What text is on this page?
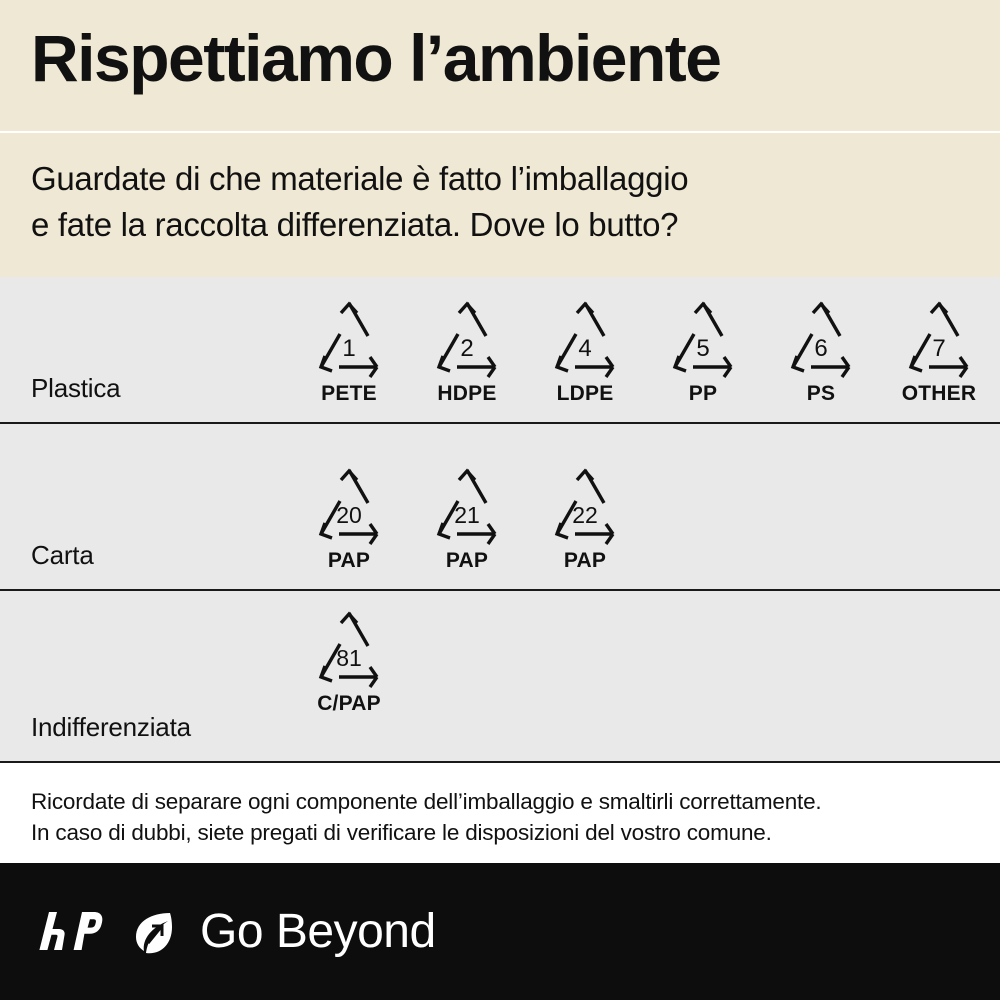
Rispettiamo l’ambiente
Guardate di che materiale è fatto l’imballaggio
e fate la raccolta differenziata. Dove lo butto?
Plastica
1
PETE
2
HDPE
4
LDPE
5
PP
6
PS
7
OTHER
Carta
20
PAP
21
PAP
22
PAP
Indifferenziata
81
C/PAP
Ricordate di separare ogni componente dell’imballaggio e smaltirli correttamente.
In caso di dubbi, siete pregati di verificare le disposizioni del vostro comune.
Go Beyond
